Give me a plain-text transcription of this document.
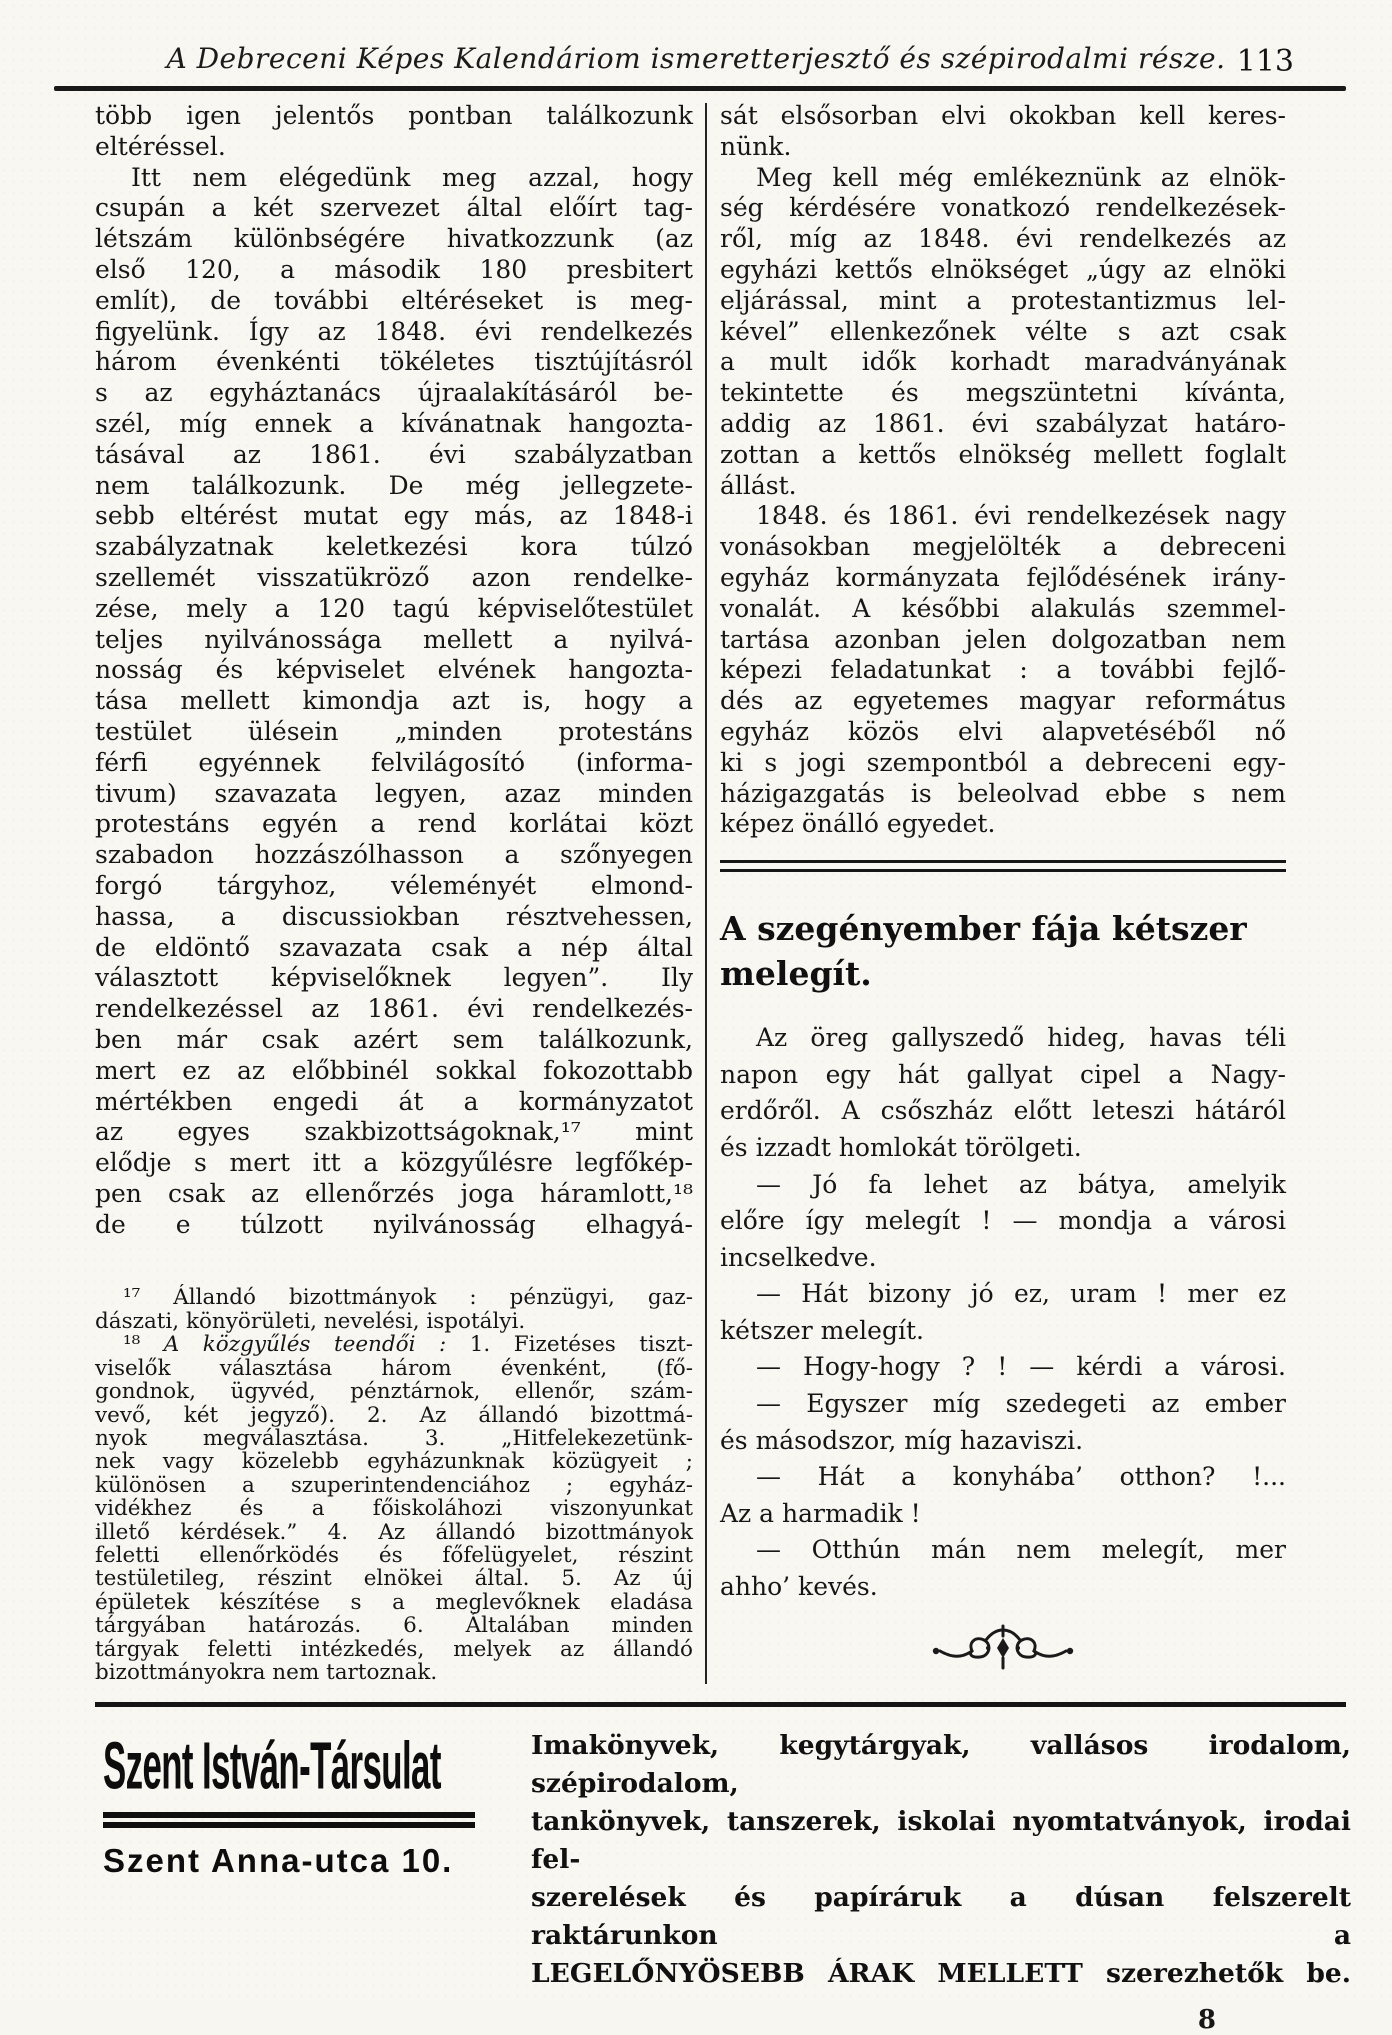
A Debreceni Képes Kalendáriom ismeretterjesztő és szépirodalmi része. 113
több igen jelentős pontban találkozunk
eltéréssel.
Itt nem elégedünk meg azzal, hogy
csupán a két szervezet által előírt tag-
létszám különbségére hivatkozzunk (az
első 120, a második 180 presbitert
említ), de további eltéréseket is meg-
figyelünk. Így az 1848. évi rendelkezés
három évenkénti tökéletes tisztújításról
s az egyháztanács újraalakításáról be-
szél, míg ennek a kívánatnak hangozta-
tásával az 1861. évi szabályzatban
nem találkozunk. De még jellegzete-
sebb eltérést mutat egy más, az 1848-i
szabályzatnak keletkezési kora túlzó
szellemét visszatükröző azon rendelke-
zése, mely a 120 tagú képviselőtestület
teljes nyilvánossága mellett a nyilvá-
nosság és képviselet elvének hangozta-
tása mellett kimondja azt is, hogy a
testület ülésein „minden protestáns
férfi egyénnek felvilágosító (informa-
tivum) szavazata legyen, azaz minden
protestáns egyén a rend korlátai közt
szabadon hozzászólhasson a szőnyegen
forgó tárgyhoz, véleményét elmond-
hassa, a discussiokban résztvehessen,
de eldöntő szavazata csak a nép által
választott képviselőknek legyen”. Ily
rendelkezéssel az 1861. évi rendelkezés-
ben már csak azért sem találkozunk,
mert ez az előbbinél sokkal fokozottabb
mértékben engedi át a kormányzatot
az egyes szakbizottságoknak,¹⁷ mint
elődje s mert itt a közgyűlésre legfőkép-
pen csak az ellenőrzés joga háramlott,¹⁸
de e túlzott nyilvánosság elhagyá-
¹⁷ Állandó bizottmányok : pénzügyi, gaz-
dászati, könyörületi, nevelési, ispotályi.
¹⁸ A közgyűlés teendői : 1. Fizetéses tiszt-
viselők választása három évenként, (fő-
gondnok, ügyvéd, pénztárnok, ellenőr, szám-
vevő, két jegyző). 2. Az állandó bizottmá-
nyok megválasztása. 3. „Hitfelekezetünk-
nek vagy közelebb egyházunknak közügyeit ;
különösen a szuperintendenciához ; egyház-
vidékhez és a főiskoláhozi viszonyunkat
illető kérdések.” 4. Az állandó bizottmányok
feletti ellenőrködés és főfelügyelet, részint
testületileg, részint elnökei által. 5. Az új
épületek készítése s a meglevőknek eladása
tárgyában határozás. 6. Általában minden
tárgyak feletti intézkedés, melyek az állandó
bizottmányokra nem tartoznak.
sát elsősorban elvi okokban kell keres-
nünk.
Meg kell még emlékeznünk az elnök-
ség kérdésére vonatkozó rendelkezések-
ről, míg az 1848. évi rendelkezés az
egyházi kettős elnökséget „úgy az elnöki
eljárással, mint a protestantizmus lel-
kével” ellenkezőnek vélte s azt csak
a mult idők korhadt maradványának
tekintette és megszüntetni kívánta,
addig az 1861. évi szabályzat határo-
zottan a kettős elnökség mellett foglalt
állást.
1848. és 1861. évi rendelkezések nagy
vonásokban megjelölték a debreceni
egyház kormányzata fejlődésének irány-
vonalát. A későbbi alakulás szemmel-
tartása azonban jelen dolgozatban nem
képezi feladatunkat : a további fejlő-
dés az egyetemes magyar református
egyház közös elvi alapvetéséből nő
ki s jogi szempontból a debreceni egy-
házigazgatás is beleolvad ebbe s nem
képez önálló egyedet.
A szegényember fája kétszer
melegít.
Az öreg gallyszedő hideg, havas téli
napon egy hát gallyat cipel a Nagy-
erdőről. A csőszház előtt leteszi hátáról
és izzadt homlokát törölgeti.
— Jó fa lehet az bátya, amelyik
előre így melegít ! — mondja a városi
incselkedve.
— Hát bizony jó ez, uram ! mer ez
kétszer melegít.
— Hogy-hogy ? ! — kérdi a városi.
— Egyszer míg szedegeti az ember
és másodszor, míg hazaviszi.
— Hát a konyhába’ otthon? !...
Az a harmadik !
— Otthún mán nem melegít, mer
ahho’ kevés.
Szent István-Társulat
Szent Anna-utca 10.
Imakönyvek, kegytárgyak, vallásos irodalom, szépirodalom,
tankönyvek, tanszerek, iskolai nyomtatványok, irodai fel-
szerelések és papíráruk a dúsan felszerelt raktárunkon a
LEGELŐNYÖSEBB ÁRAK MELLETT szerezhetők be.
8
